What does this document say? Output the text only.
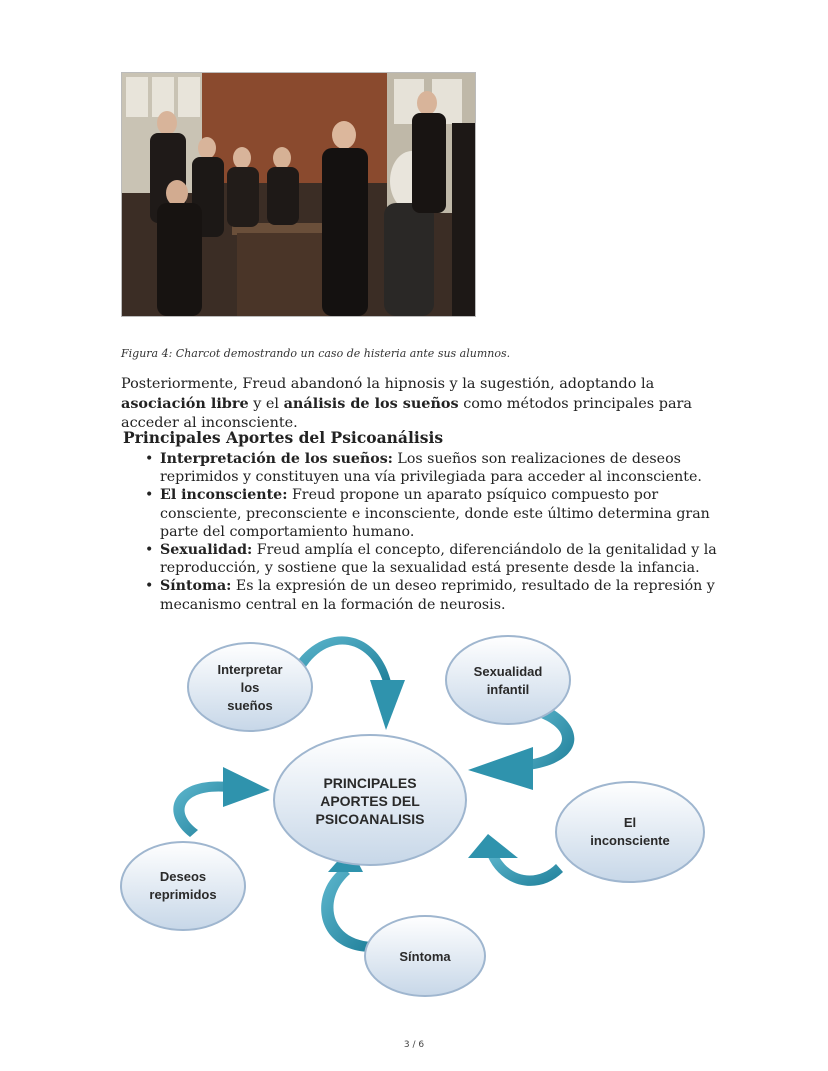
Figura 4: Charcot demostrando un caso de histeria ante sus alumnos.

Posteriormente, Freud abandonó la hipnosis y la sugestión, adoptando la asociación libre y el análisis de los sueños como métodos principales para acceder al inconsciente.

Principales Aportes del Psicoanálisis
• Interpretación de los sueños: Los sueños son realizaciones de deseos reprimidos y constituyen una vía privilegiada para acceder al inconsciente.
• El inconsciente: Freud propone un aparato psíquico compuesto por consciente, preconsciente e inconsciente, donde este último determina gran parte del comportamiento humano.
• Sexualidad: Freud amplía el concepto, diferenciándolo de la genitalidad y la reproducción, y sostiene que la sexualidad está presente desde la infancia.
• Síntoma: Es la expresión de un deseo reprimido, resultado de la represión y mecanismo central en la formación de neurosis.
PRINCIPALES
APORTES DEL
PSICOANALISIS
Interpretar
los
sueños
Sexualidad
infantil
El
inconsciente
Deseos
reprimidos
Síntoma
3 / 6
